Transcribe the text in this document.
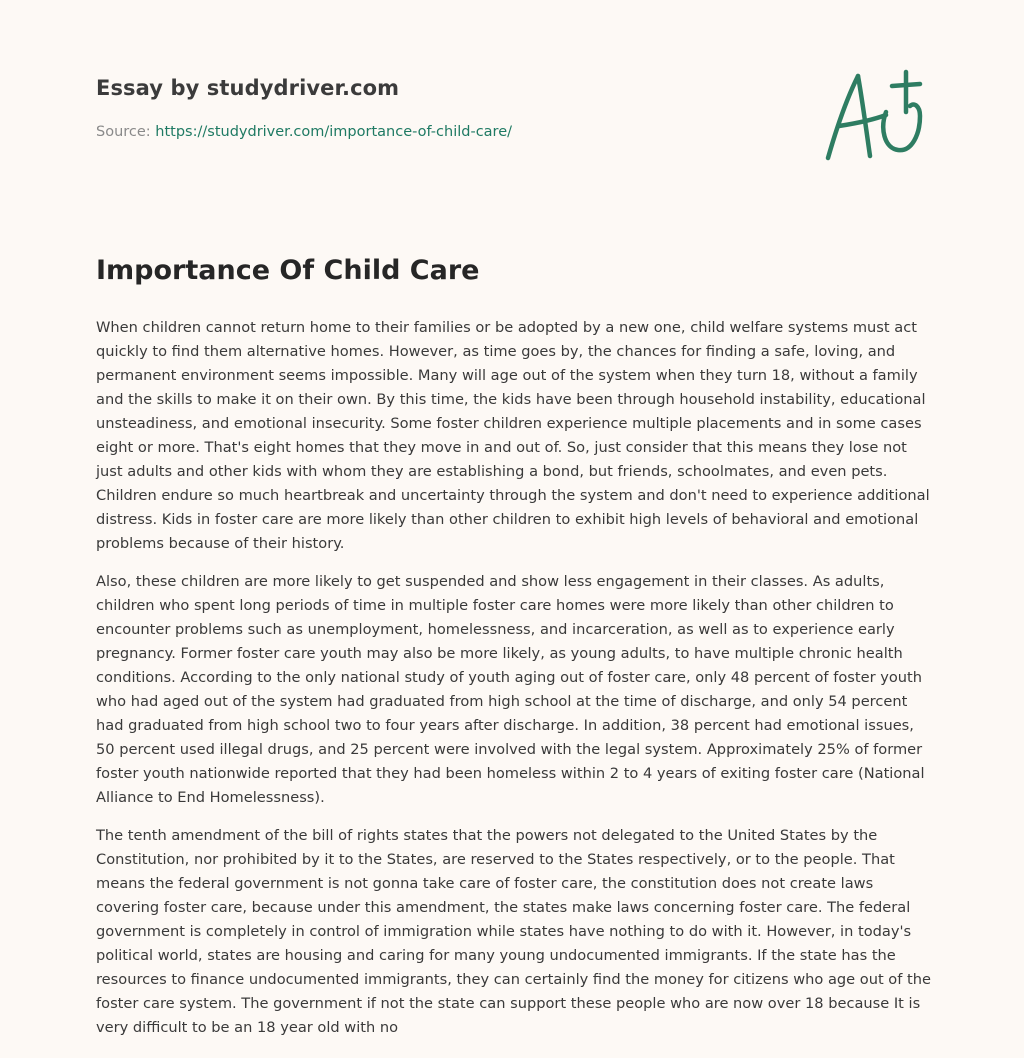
Essay by studydriver.com
Source: https://studydriver.com/importance-of-child-care/
Importance Of Child Care

When children cannot return home to their families or be adopted by a new one, child welfare systems must act quickly to find them alternative homes. However, as time goes by, the chances for finding a safe, loving, and permanent environment seems impossible. Many will age out of the system when they turn 18, without a family and the skills to make it on their own. By this time, the kids have been through household instability, educational unsteadiness, and emotional insecurity. Some foster children experience multiple placements and in some cases eight or more. That's eight homes that they move in and out of. So, just consider that this means they lose not just adults and other kids with whom they are establishing a bond, but friends, schoolmates, and even pets. Children endure so much heartbreak and uncertainty through the system and don't need to experience additional distress. Kids in foster care are more likely than other children to exhibit high levels of behavioral and emotional problems because of their history.

Also, these children are more likely to get suspended and show less engagement in their classes. As adults, children who spent long periods of time in multiple foster care homes were more likely than other children to encounter problems such as unemployment, homelessness, and incarceration, as well as to experience early pregnancy. Former foster care youth may also be more likely, as young adults, to have multiple chronic health conditions. According to the only national study of youth aging out of foster care, only 48 percent of foster youth who had aged out of the system had graduated from high school at the time of discharge, and only 54 percent had graduated from high school two to four years after discharge. In addition, 38 percent had emotional issues, 50 percent used illegal drugs, and 25 percent were involved with the legal system. Approximately 25% of former foster youth nationwide reported that they had been homeless within 2 to 4 years of exiting foster care (National Alliance to End Homelessness).

The tenth amendment of the bill of rights states that the powers not delegated to the United States by the Constitution, nor prohibited by it to the States, are reserved to the States respectively, or to the people. That means the federal government is not gonna take care of foster care, the constitution does not create laws covering foster care, because under this amendment, the states make laws concerning foster care. The federal government is completely in control of immigration while states have nothing to do with it. However, in today's political world, states are housing and caring for many young undocumented immigrants. If the state has the resources to finance undocumented immigrants, they can certainly find the money for citizens who age out of the foster care system. The government if not the state can support these people who are now over 18 because It is very difficult to be an 18 year old with no
